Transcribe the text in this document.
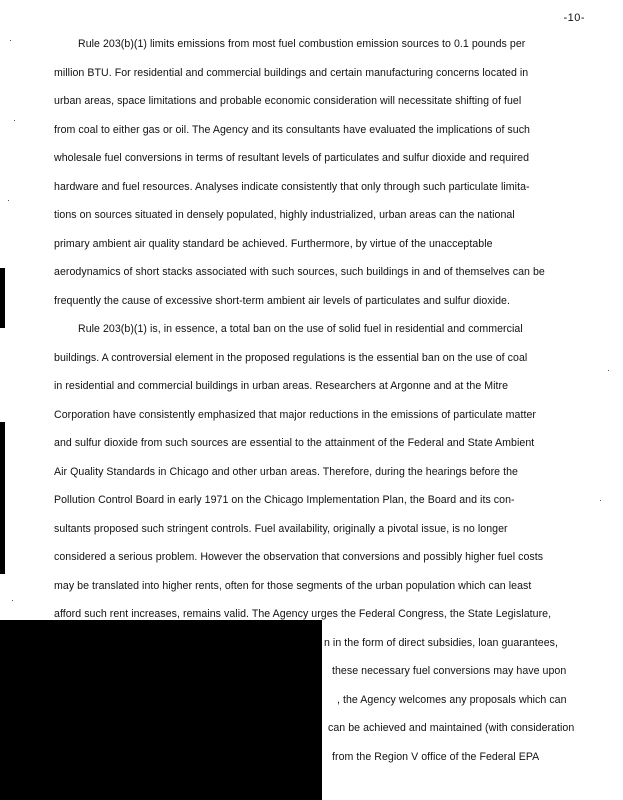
-10-
Rule 203(b)(1) limits emissions from most fuel combustion emission sources to 0.1 pounds per
million BTU. For residential and commercial buildings and certain manufacturing concerns located in
urban areas, space limitations and probable economic consideration will necessitate shifting of fuel
from coal to either gas or oil. The Agency and its consultants have evaluated the implications of such
wholesale fuel conversions in terms of resultant levels of particulates and sulfur dioxide and required
hardware and fuel resources. Analyses indicate consistently that only through such particulate limita-
tions on sources situated in densely populated, highly industrialized, urban areas can the national
primary ambient air quality standard be achieved. Furthermore, by virtue of the unacceptable
aerodynamics of short stacks associated with such sources, such buildings in and of themselves can be
frequently the cause of excessive short-term ambient air levels of particulates and sulfur dioxide.
Rule 203(b)(1) is, in essence, a total ban on the use of solid fuel in residential and commercial
buildings. A controversial element in the proposed regulations is the essential ban on the use of coal
in residential and commercial buildings in urban areas. Researchers at Argonne and at the Mitre
Corporation have consistently emphasized that major reductions in the emissions of particulate matter
and sulfur dioxide from such sources are essential to the attainment of the Federal and State Ambient
Air Quality Standards in Chicago and other urban areas. Therefore, during the hearings before the
Pollution Control Board in early 1971 on the Chicago Implementation Plan, the Board and its con-
sultants proposed such stringent controls. Fuel availability, originally a pivotal issue, is no longer
considered a serious problem. However the observation that conversions and possibly higher fuel costs
may be translated into higher rents, often for those segments of the urban population which can least
afford such rent increases, remains valid. The Agency urges the Federal Congress, the State Legislature,
n in the form of direct subsidies, loan guarantees,
these necessary fuel conversions may have upon
, the Agency welcomes any proposals which can
can be achieved and maintained (with consideration
from the Region V office of the Federal EPA
